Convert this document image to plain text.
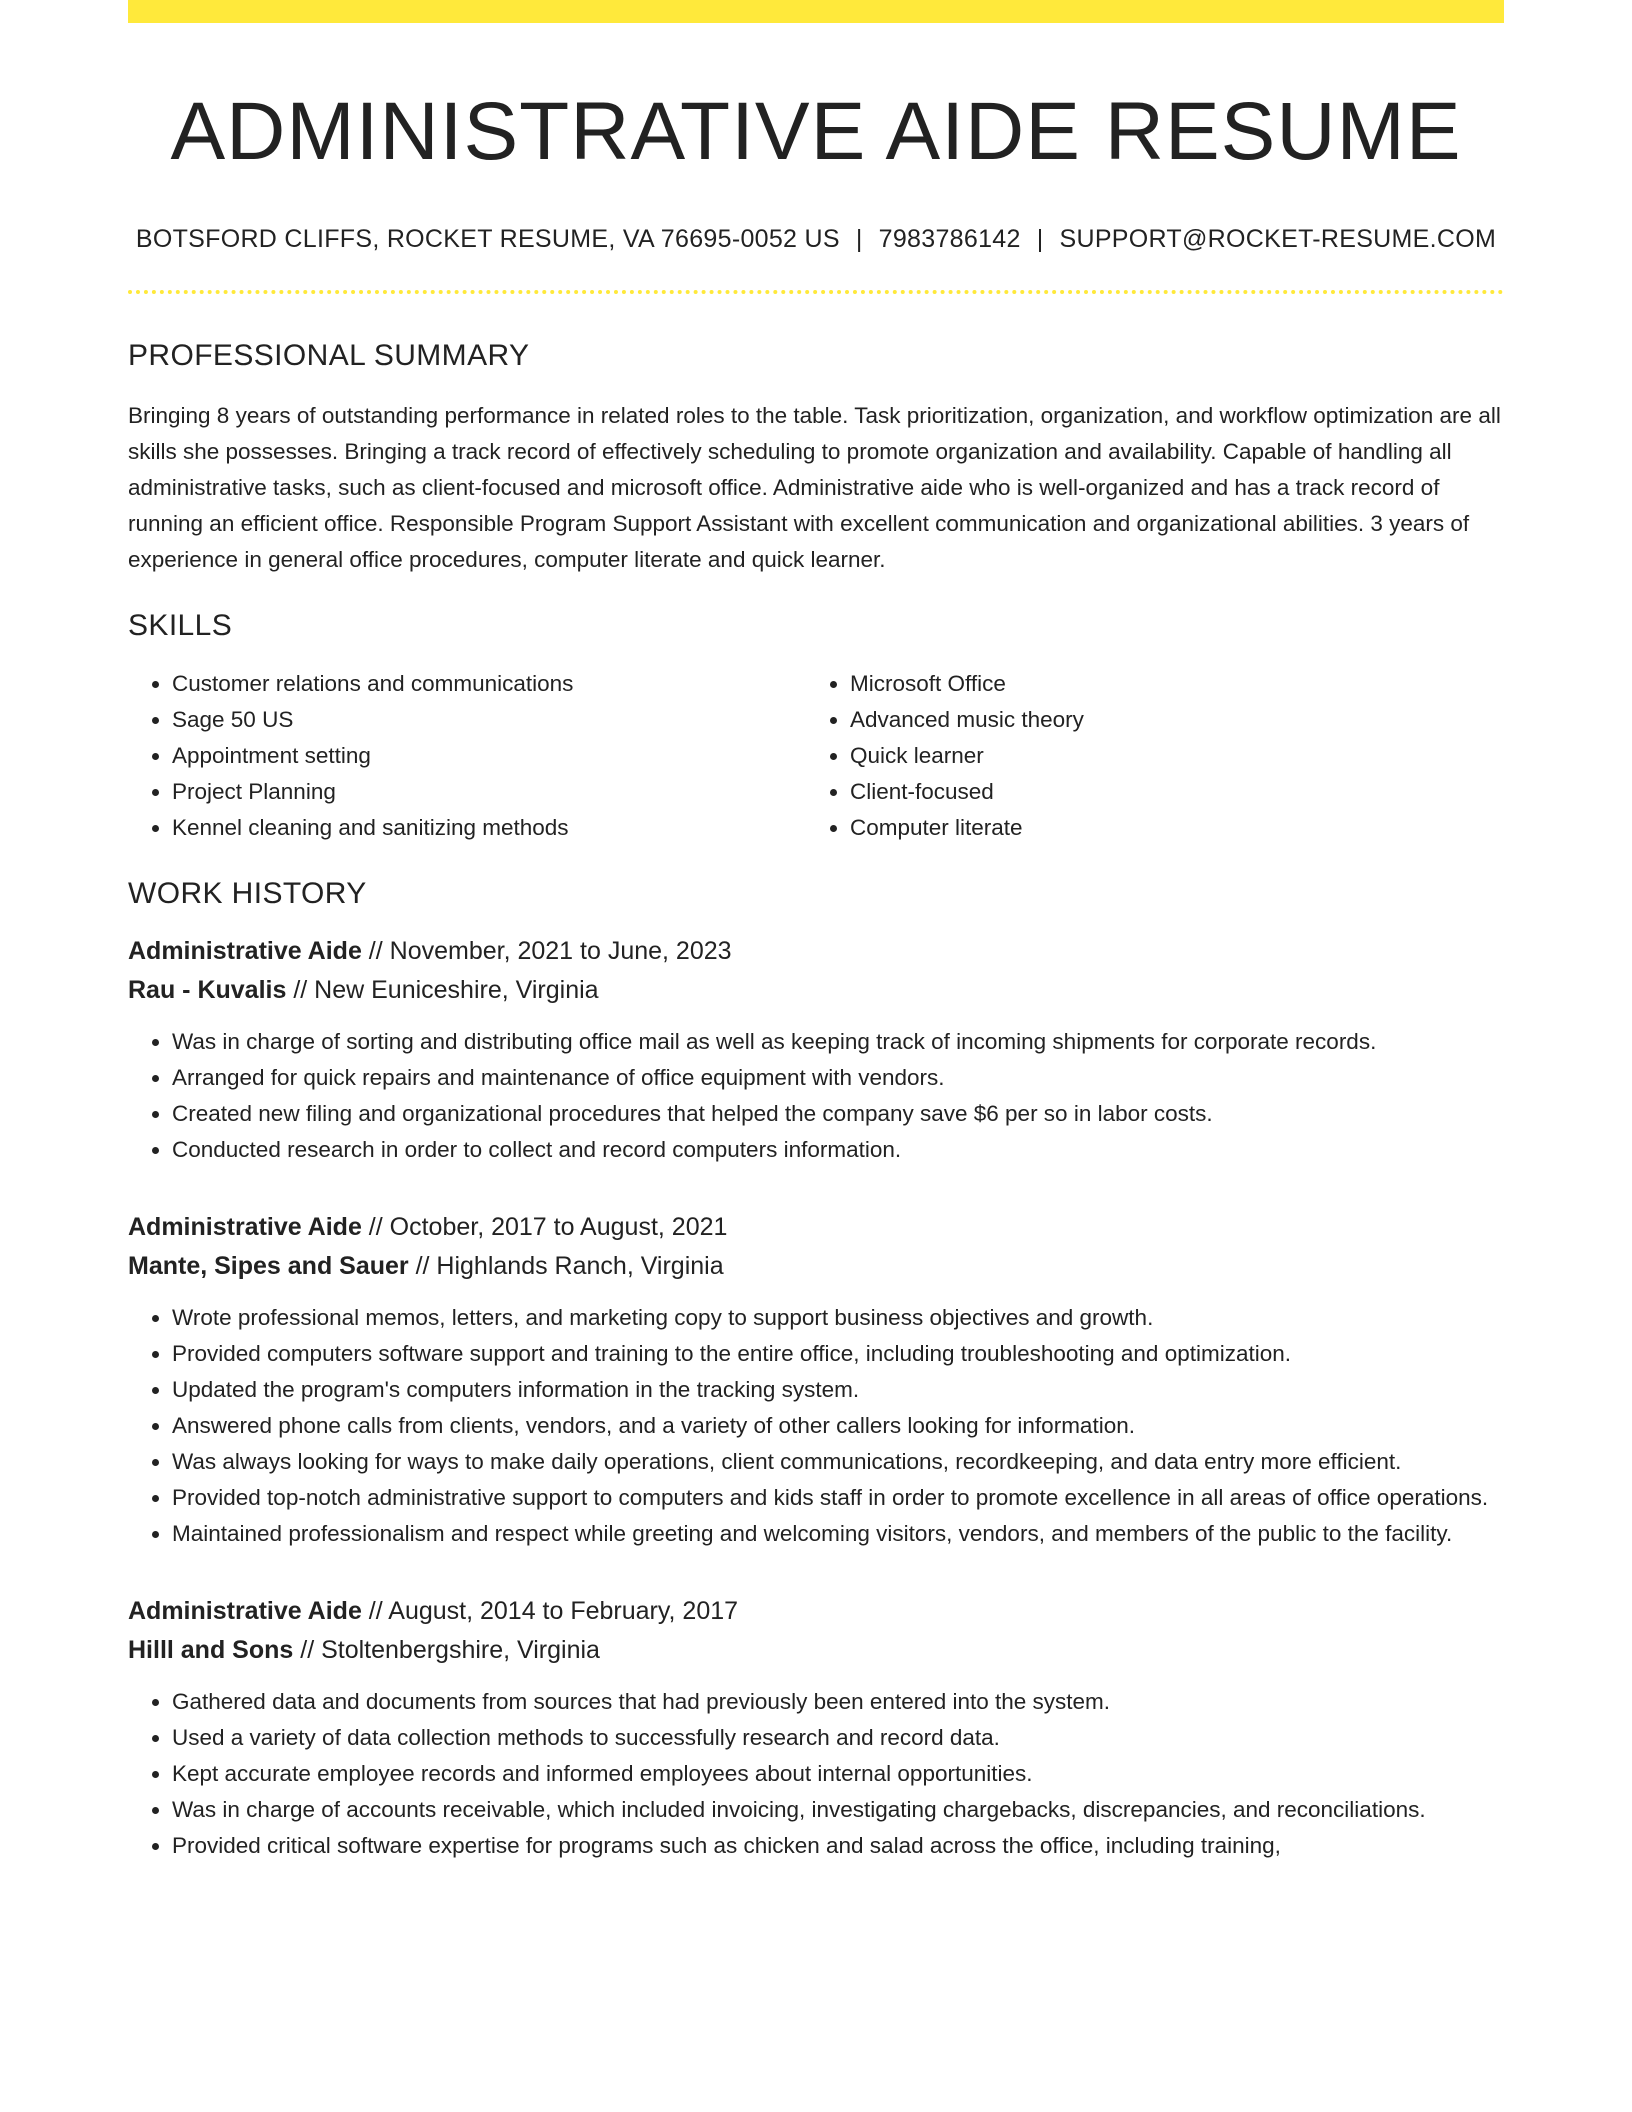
ADMINISTRATIVE AIDE RESUME
BOTSFORD CLIFFS, ROCKET RESUME, VA 76695-0052 US | 7983786142 | SUPPORT@ROCKET-RESUME.COM
PROFESSIONAL SUMMARY

Bringing 8 years of outstanding performance in related roles to the table. Task prioritization, organization, and workflow optimization are all skills she possesses. Bringing a track record of effectively scheduling to promote organization and availability. Capable of handling all administrative tasks, such as client-focused and microsoft office. Administrative aide who is well-organized and has a track record of running an efficient office. Responsible Program Support Assistant with excellent communication and organizational abilities. 3 years of experience in general office procedures, computer literate and quick learner.

SKILLS
• Customer relations and communications
• Sage 50 US
• Appointment setting
• Project Planning
• Kennel cleaning and sanitizing methods
• Microsoft Office
• Advanced music theory
• Quick learner
• Client-focused
• Computer literate
WORK HISTORY
Administrative Aide // November, 2021 to June, 2023
Rau - Kuvalis // New Euniceshire, Virginia
• Was in charge of sorting and distributing office mail as well as keeping track of incoming shipments for corporate records.
• Arranged for quick repairs and maintenance of office equipment with vendors.
• Created new filing and organizational procedures that helped the company save $6 per so in labor costs.
• Conducted research in order to collect and record computers information.
Administrative Aide // October, 2017 to August, 2021
Mante, Sipes and Sauer // Highlands Ranch, Virginia
• Wrote professional memos, letters, and marketing copy to support business objectives and growth.
• Provided computers software support and training to the entire office, including troubleshooting and optimization.
• Updated the program's computers information in the tracking system.
• Answered phone calls from clients, vendors, and a variety of other callers looking for information.
• Was always looking for ways to make daily operations, client communications, recordkeeping, and data entry more efficient.
• Provided top-notch administrative support to computers and kids staff in order to promote excellence in all areas of office operations.
• Maintained professionalism and respect while greeting and welcoming visitors, vendors, and members of the public to the facility.
Administrative Aide // August, 2014 to February, 2017
Hilll and Sons // Stoltenbergshire, Virginia
• Gathered data and documents from sources that had previously been entered into the system.
• Used a variety of data collection methods to successfully research and record data.
• Kept accurate employee records and informed employees about internal opportunities.
• Was in charge of accounts receivable, which included invoicing, investigating chargebacks, discrepancies, and reconciliations.
• Provided critical software expertise for programs such as chicken and salad across the office, including training,
